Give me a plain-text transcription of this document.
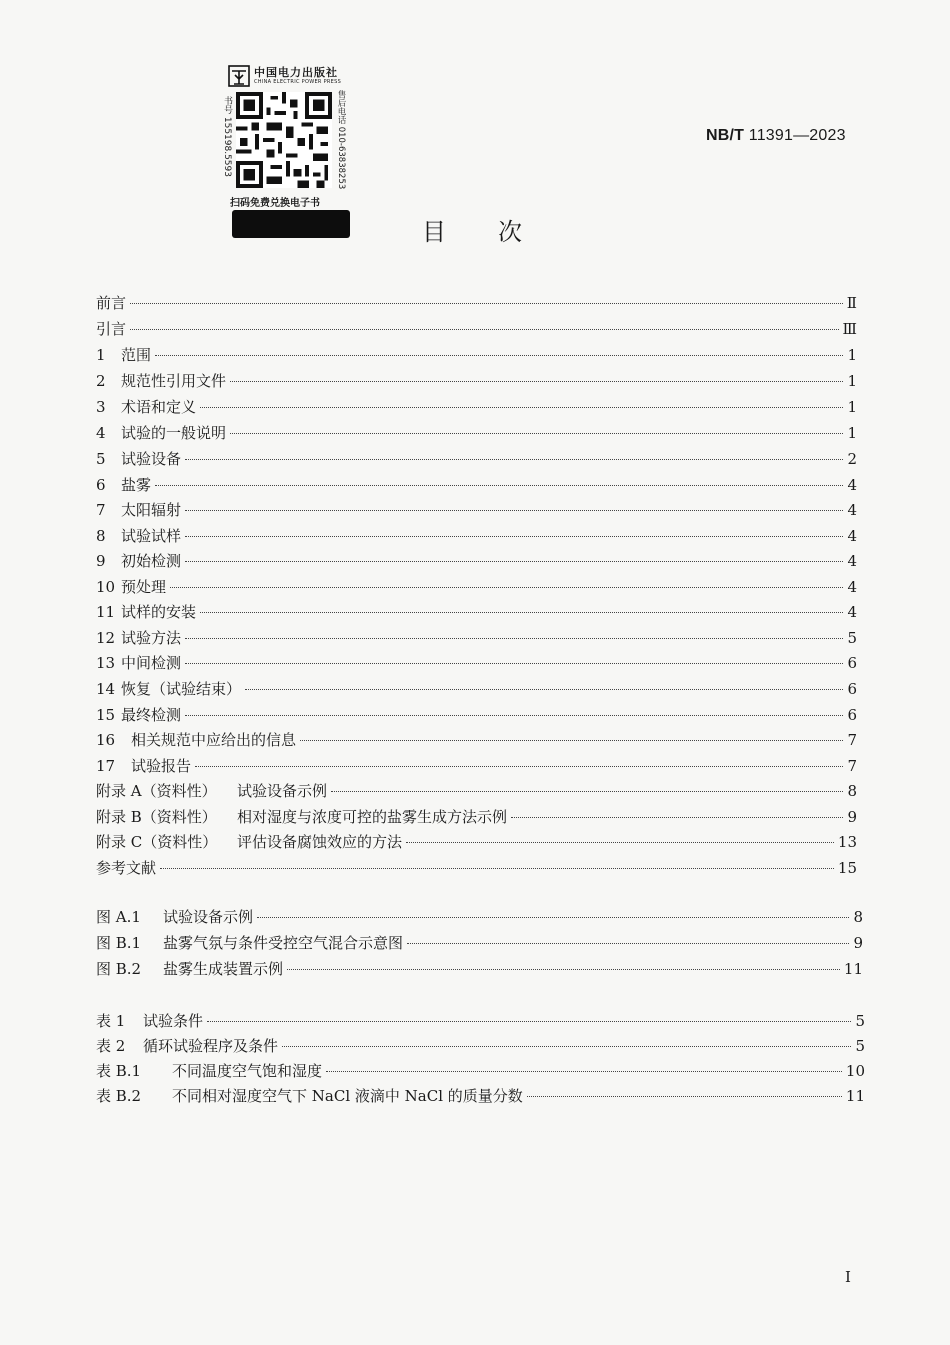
中国电力出版社
CHINA ELECTRIC POWER PRESS
书号 155198.5593	售后电话 010-63838253
扫码免费兑换电子书
NB/T 11391—2023
目次
前言	Ⅱ
引言	Ⅲ
1	范围	1
2	规范性引用文件	1
3	术语和定义	1
4	试验的一般说明	1
5	试验设备	2
6	盐雾	4
7	太阳辐射	4
8	试验试样	4
9	初始检测	4
10 预处理	4
11 试样的安装	4
12 试验方法	5
13 中间检测	6
14 恢复（试验结束）	6
15 最终检测	6
16	相关规范中应给出的信息	7
17	试验报告	7
附录 A（资料性）	试验设备示例	8
附录 B（资料性）	相对湿度与浓度可控的盐雾生成方法示例	9
附录 C（资料性）	评估设备腐蚀效应的方法	13
参考文献	15
图 A.1	试验设备示例	8
图 B.1	盐雾气氛与条件受控空气混合示意图	9
图 B.2	盐雾生成装置示例	11
表 1	试验条件	5
表 2	循环试验程序及条件	5
表 B.1	不同温度空气饱和湿度	10
表 B.2	不同相对湿度空气下 NaCl 液滴中 NaCl 的质量分数	11
I
